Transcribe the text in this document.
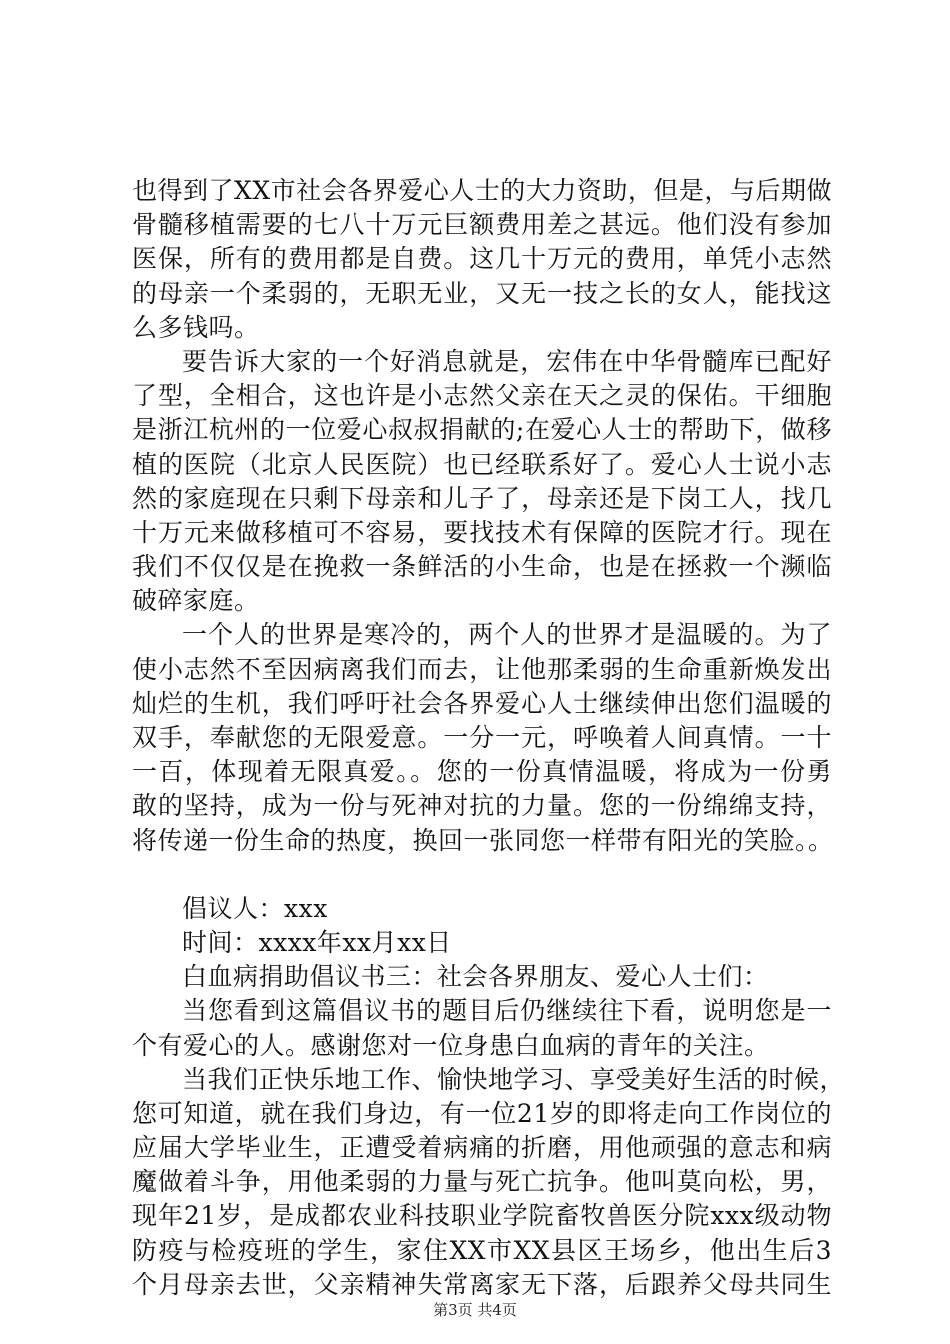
也得到了XX市社会各界爱心人士的大力资助，但是，与后期做
骨髓移植需要的七八十万元巨额费用差之甚远。他们没有参加
医保，所有的费用都是自费。这几十万元的费用，单凭小志然
的母亲一个柔弱的，无职无业，又无一技之长的女人，能找这
么多钱吗。
要告诉大家的一个好消息就是，宏伟在中华骨髓库已配好
了型，全相合，这也许是小志然父亲在天之灵的保佑。干细胞
是浙江杭州的一位爱心叔叔捐献的;在爱心人士的帮助下，做移
植的医院（北京人民医院）也已经联系好了。爱心人士说小志
然的家庭现在只剩下母亲和儿子了，母亲还是下岗工人，找几
十万元来做移植可不容易，要找技术有保障的医院才行。现在
我们不仅仅是在挽救一条鲜活的小生命，也是在拯救一个濒临
破碎家庭。
一个人的世界是寒冷的，两个人的世界才是温暖的。为了
使小志然不至因病离我们而去，让他那柔弱的生命重新焕发出
灿烂的生机，我们呼吁社会各界爱心人士继续伸出您们温暖的
双手，奉献您的无限爱意。一分一元，呼唤着人间真情。一十
一百，体现着无限真爱。。您的一份真情温暖，将成为一份勇
敢的坚持，成为一份与死神对抗的力量。您的一份绵绵支持，
将传递一份生命的热度，换回一张同您一样带有阳光的笑脸。。
倡议人：xxx
时间：xxxx年xx月xx日
白血病捐助倡议书三：社会各界朋友、爱心人士们：
当您看到这篇倡议书的题目后仍继续往下看，说明您是一
个有爱心的人。感谢您对一位身患白血病的青年的关注。
当我们正快乐地工作、愉快地学习、享受美好生活的时候，
您可知道，就在我们身边，有一位21岁的即将走向工作岗位的
应届大学毕业生，正遭受着病痛的折磨，用他顽强的意志和病
魔做着斗争，用他柔弱的力量与死亡抗争。他叫莫向松，男，
现年21岁，是成都农业科技职业学院畜牧兽医分院xxx级动物
防疫与检疫班的学生，家住XX市XX县区王场乡，他出生后3
个月母亲去世，父亲精神失常离家无下落，后跟养父母共同生
第3页 共4页
